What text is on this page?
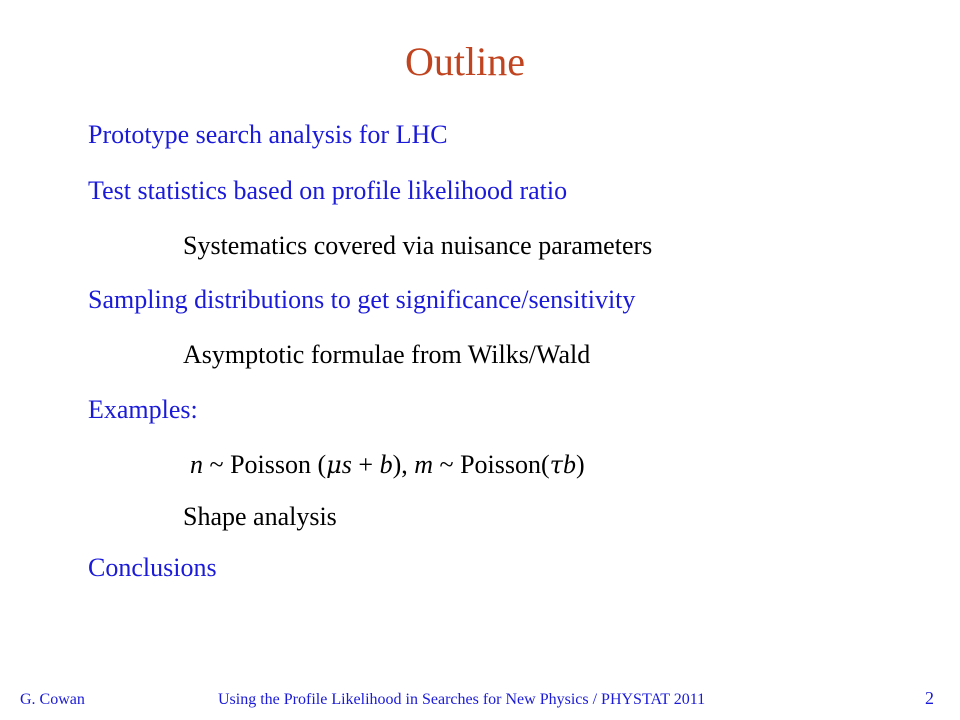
Outline
Prototype search analysis for LHC
Test statistics based on profile likelihood ratio
Systematics covered via nuisance parameters
Sampling distributions to get significance/sensitivity
Asymptotic formulae from Wilks/Wald
Examples:
n ~ Poisson (μs + b), m ~ Poisson(τb)
Shape analysis
Conclusions
G. Cowan	Using the Profile Likelihood in Searches for New Physics / PHYSTAT 2011	2
